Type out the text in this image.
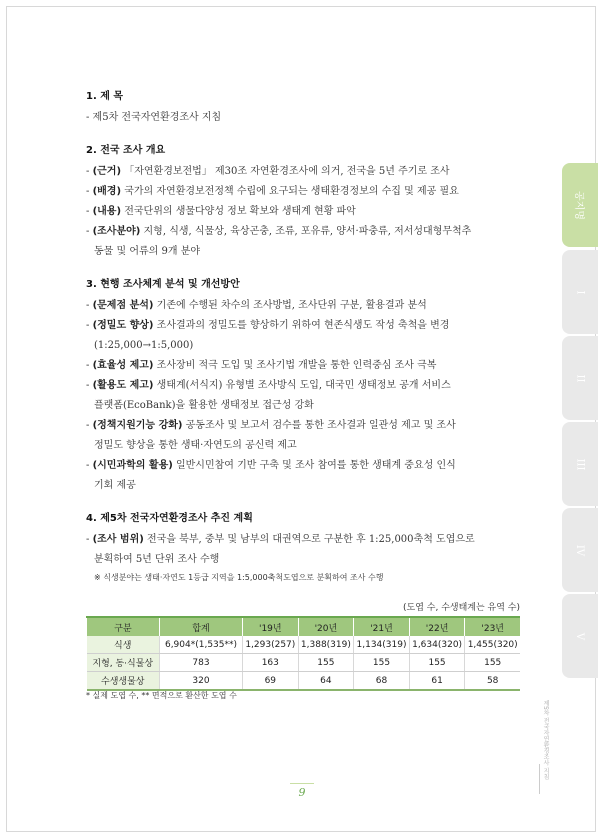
1. 제 목
- 제5차 전국자연환경조사 지침
2. 전국 조사 개요
- (근거) 「자연환경보전법」 제30조 자연환경조사에 의거, 전국을 5년 주기로 조사
- (배경) 국가의 자연환경보전정책 수립에 요구되는 생태환경정보의 수집 및 제공 필요
- (내용) 전국단위의 생물다양성 정보 확보와 생태계 현황 파악
- (조사분야) 지형, 식생, 식물상, 육상곤충, 조류, 포유류, 양서·파충류, 저서성대형무척추
동물 및 어류의 9개 분야
3. 현행 조사체계 분석 및 개선방안
- (문제점 분석) 기존에 수행된 차수의 조사방법, 조사단위 구분, 활용결과 분석
- (정밀도 향상) 조사결과의 정밀도를 향상하기 위하여 현존식생도 작성 축척을 변경
(1:25,000→1:5,000)
- (효율성 제고) 조사장비 적극 도입 및 조사기법 개발을 통한 인력중심 조사 극복
- (활용도 제고) 생태계(서식지) 유형별 조사방식 도입, 대국민 생태정보 공개 서비스
플랫폼(EcoBank)을 활용한 생태정보 접근성 강화
- (정책지원기능 강화) 공동조사 및 보고서 검수를 통한 조사결과 일관성 제고 및 조사
정밀도 향상을 통한 생태·자연도의 공신력 제고
- (시민과학의 활용) 일반시민참여 기반 구축 및 조사 참여를 통한 생태계 중요성 인식
기회 제공
4. 제5차 전국자연환경조사 추진 계획
- (조사 범위) 전국을 북부, 중부 및 남부의 대권역으로 구분한 후 1:25,000축척 도엽으로
분획하여 5년 단위 조사 수행
※ 식생분야는 생태·자연도 1등급 지역을 1:5,000축척도엽으로 분획하여 조사 수행
공지명
I
II
III
IV
V
(도엽 수, 수생태계는 유역 수)
구분	합계	'19년	'20년	'21년	'22년	'23년
식생	6,904*(1,535**)	1,293(257)	1,388(319)	1,134(319)	1,634(320)	1,455(320)
지형, 동·식물상	783	163	155	155	155	155
수생생물상	320	69	64	68	61	58
* 실제 도엽 수, ** 면적으로 환산한 도엽 수
제5차 전국자연환경조사 지침
9
